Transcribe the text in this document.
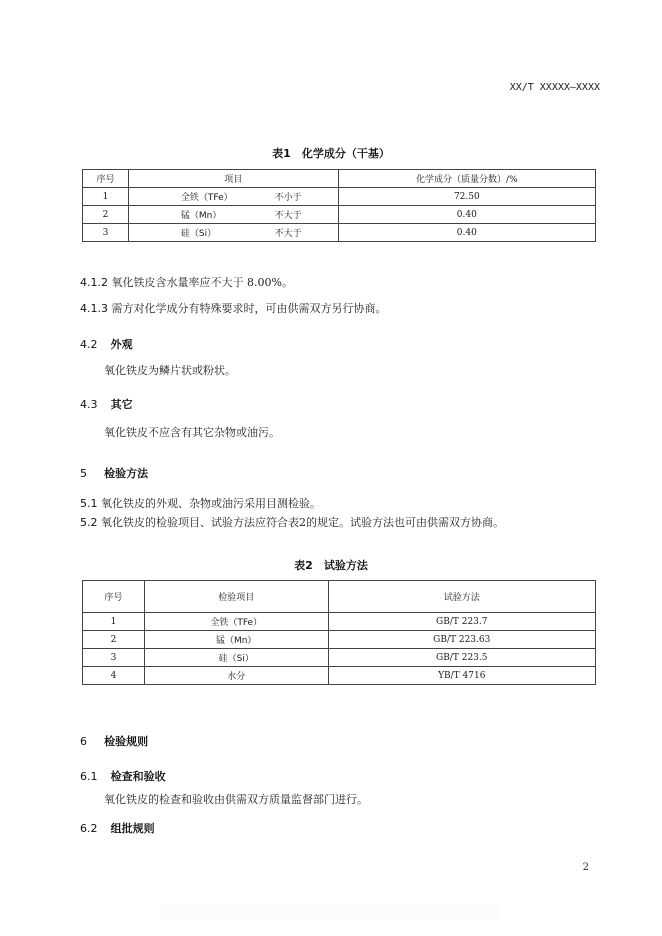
XX/T XXXXX—XXXX
表1　化学成分（干基）
序号	项目	化学成分（质量分数）/%
1	全铁（TFe） 不小于	72.50
2	锰（Mn） 不大于	0.40
3	硅（Si） 不大于	0.40
4.1.2 氧化铁皮含水量率应不大于 8.00%。
4.1.3 需方对化学成分有特殊要求时，可由供需双方另行协商。
4.2 外观
氧化铁皮为鳞片状或粉状。
4.3 其它
氧化铁皮不应含有其它杂物或油污。
5 检验方法
5.1 氧化铁皮的外观、杂物或油污采用目测检验。
5.2 氧化铁皮的检验项目、试验方法应符合表2的规定。试验方法也可由供需双方协商。
表2　试验方法
序号	检验项目	试验方法
1	全铁（TFe）	GB/T 223.7
2	锰（Mn）	GB/T 223.63
3	硅（Si）	GB/T 223.5
4	水分	YB/T 4716
6 检验规则
6.1 检查和验收
氧化铁皮的检查和验收由供需双方质量监督部门进行。
6.2 组批规则
2
